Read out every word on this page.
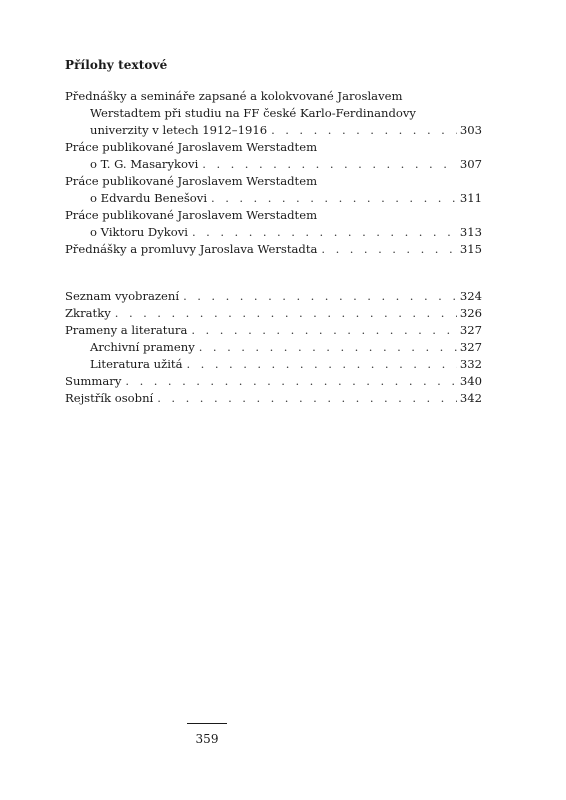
Přílohy textové
Přednášky a semináře zapsané a kolokvované Jaroslavem
Werstadtem při studiu na FF české Karlo-Ferdinandovy
univerzity v letech 1912–1916 . . .	303
Práce publikované Jaroslavem Werstadtem
o T. G. Masarykovi . . .	307
Práce publikované Jaroslavem Werstadtem
o Edvardu Benešovi . . .	311
Práce publikované Jaroslavem Werstadtem
o Viktoru Dykovi . . .	313
Přednášky a promluvy Jaroslava Werstadta . . .	315
Seznam vyobrazení . . .	324
Zkratky . . .	326
Prameny a literatura . . .	327
Archivní prameny . . .	327
Literatura užitá . . .	332
Summary . . .	340
Rejstřík osobní . . .	342
359
